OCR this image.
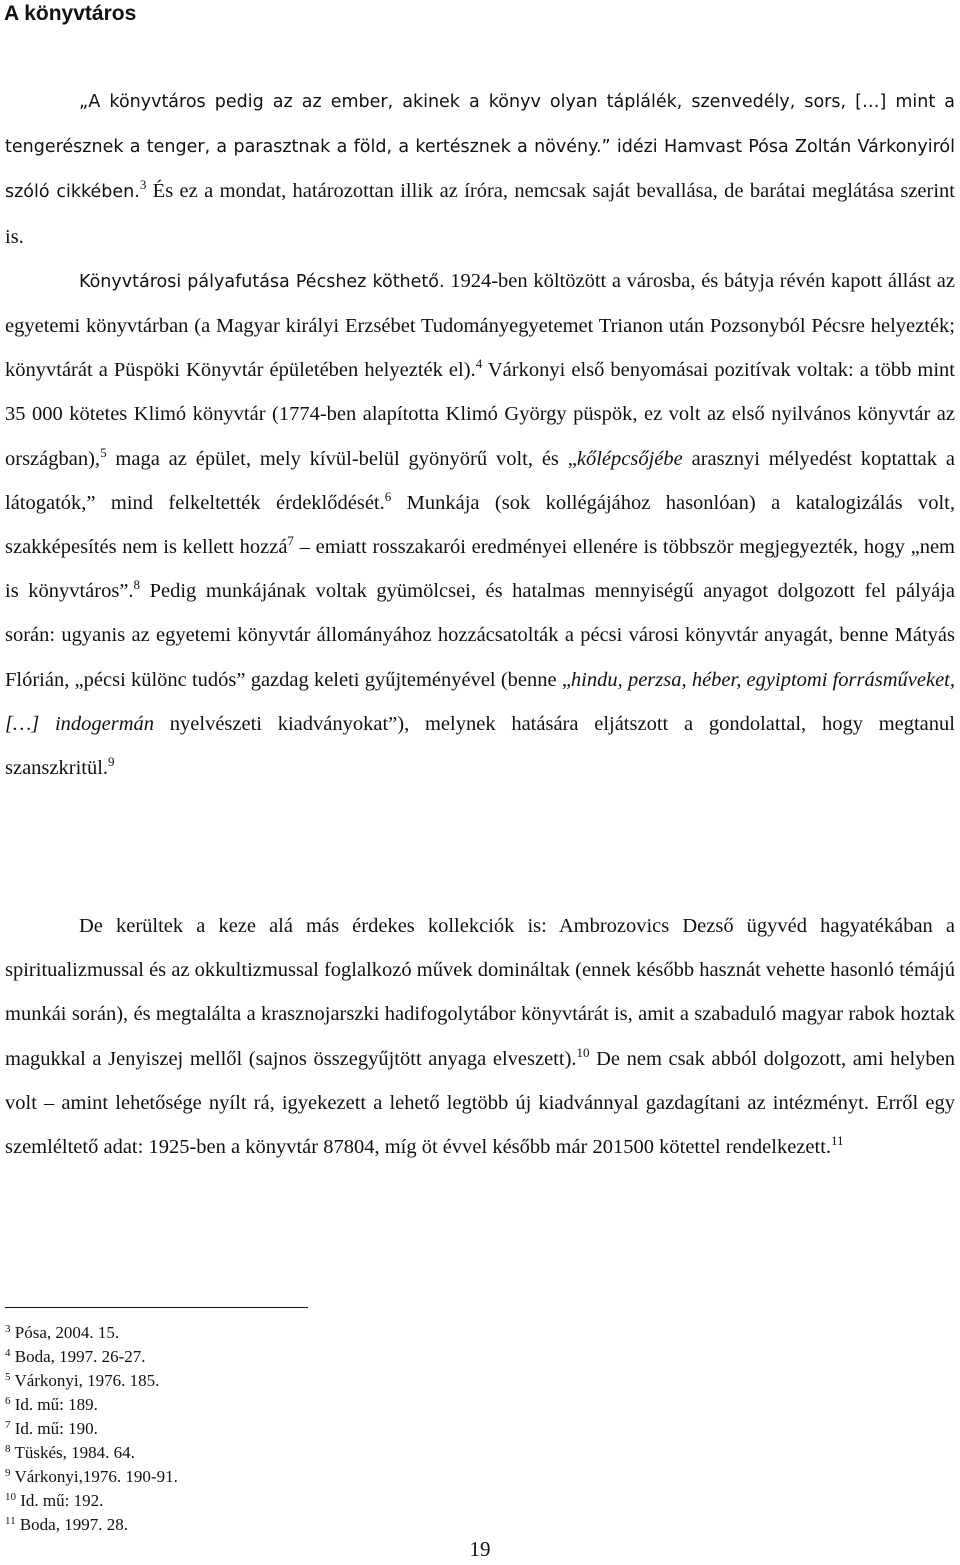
A könyvtáros

„A könyvtáros pedig az az ember, akinek a könyv olyan táplálék, szenvedély, sors, […] mint a tengerésznek a tenger, a parasztnak a föld, a kertésznek a növény.” idézi Hamvast Pósa Zoltán Várkonyiról szóló cikkében.$^3$ És ez a mondat, határozottan illik az íróra, nemcsak saját bevallása, de barátai meglátása szerint is.
Könyvtárosi pályafutása Pécshez köthető. 1924-ben költözött a városba, és bátyja révén kapott állást az egyetemi könyvtárban (a Magyar királyi Erzsébet Tudományegyetemet Trianon után Pozsonyból Pécsre helyezték; könyvtárát a Püspöki Könyvtár épületében helyezték el).$^4$ Várkonyi első benyomásai pozitívak voltak: a több mint 35 000 kötetes Klimó könyvtár (1774-ben alapította Klimó György püspök, ez volt az első nyilvános könyvtár az országban),$^5$ maga az épület, mely kívül-belül gyönyörű volt, és „kőlépcsőjébe arasznyi mélyedést koptattak a látogatók,” mind felkeltették érdeklődését.$^6$ Munkája (sok kollégájához hasonlóan) a katalogizálás volt, szakképesítés nem is kellett hozzá$^7$ – emiatt rosszakarói eredményei ellenére is többször megjegyezték, hogy „nem is könyvtáros”.$^8$ Pedig munkájának voltak gyümölcsei, és hatalmas mennyiségű anyagot dolgozott fel pályája során: ugyanis az egyetemi könyvtár állományához hozzácsatolták a pécsi városi könyvtár anyagát, benne Mátyás Flórián, „pécsi különc tudós” gazdag keleti gyűjteményével (benne „hindu, perzsa, héber, egyiptomi forrásműveket, […] indogermán nyelvészeti kiadványokat”), melynek hatására eljátszott a gondolattal, hogy megtanul szanszkritül.$^9$

De kerültek a keze alá más érdekes kollekciók is: Ambrozovics Dezső ügyvéd hagyatékában a spiritualizmussal és az okkultizmussal foglalkozó művek domináltak (ennek később hasznát vehette hasonló témájú munkái során), és megtalálta a krasznojarszki hadifogolytábor könyvtárát is, amit a szabaduló magyar rabok hoztak magukkal a Jenyiszej mellől (sajnos összegyűjtött anyaga elveszett).$^{10}$ De nem csak abból dolgozott, ami helyben volt – amint lehetősége nyílt rá, igyekezett a lehető legtöbb új kiadvánnyal gazdagítani az intézményt. Erről egy szemléltető adat: 1925-ben a könyvtár 87804, míg öt évvel később már 201500 kötettel rendelkezett.$^{11}$

$^3$ Pósa, 2004. 15.
$^4$ Boda, 1997. 26-27.
$^5$ Várkonyi, 1976. 185.
$^6$ Id. mű: 189.
$^7$ Id. mű: 190.
$^8$ Tüskés, 1984. 64.
$^9$ Várkonyi,1976. 190-91.
$^{10}$ Id. mű: 192.
$^{11}$ Boda, 1997. 28.
19
